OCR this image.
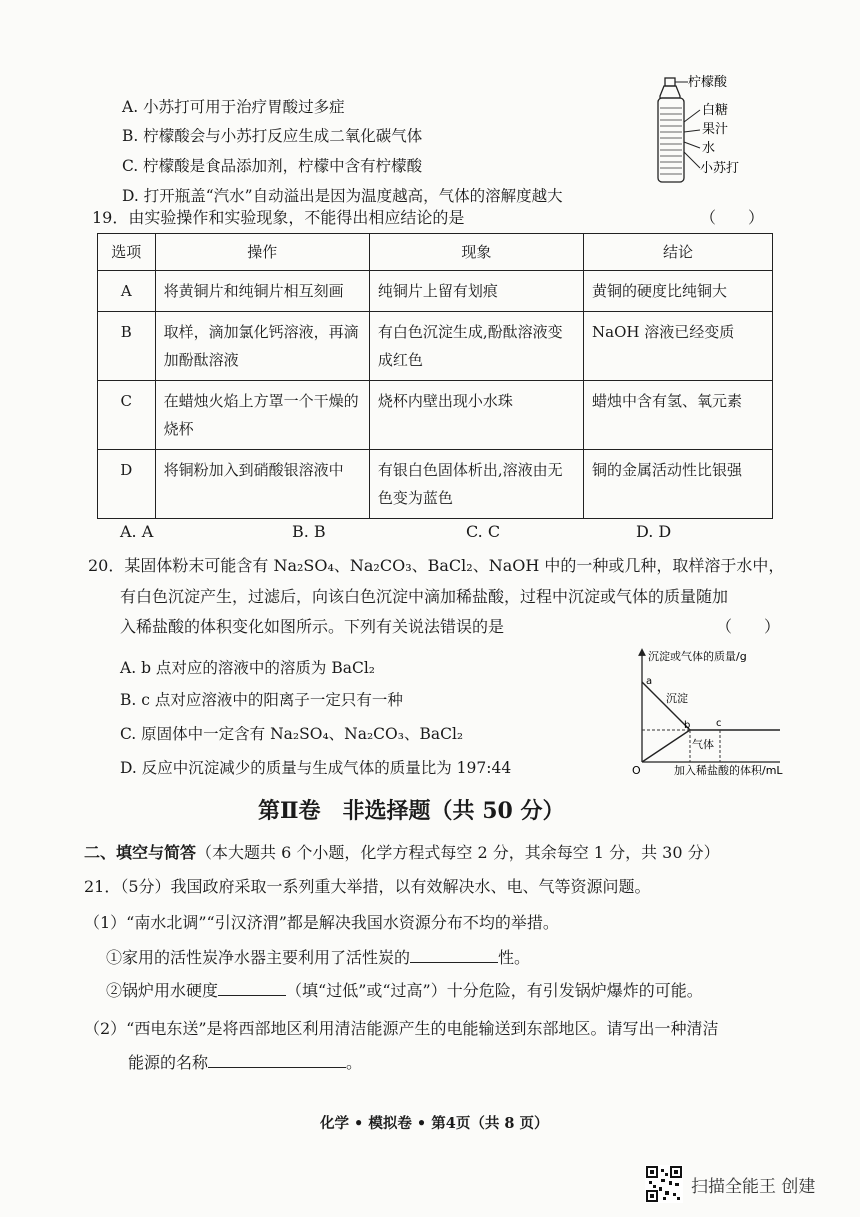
A. 小苏打可用于治疗胃酸过多症
B. 柠檬酸会与小苏打反应生成二氧化碳气体
C. 柠檬酸是食品添加剂，柠檬中含有柠檬酸
D. 打开瓶盖“汽水”自动溢出是因为温度越高，气体的溶解度越大
柠檬酸
白糖
果汁
水
小苏打
19．由实验操作和实验现象，不能得出相应结论的是	（　　）
选项	操作	现象	结论
A	将黄铜片和纯铜片相互刻画	纯铜片上留有划痕	黄铜的硬度比纯铜大
B	取样，滴加氯化钙溶液，再滴加酚酞溶液	有白色沉淀生成,酚酞溶液变成红色	NaOH 溶液已经变质
C	在蜡烛火焰上方罩一个干燥的烧杯	烧杯内壁出现小水珠	蜡烛中含有氢、氧元素
D	将铜粉加入到硝酸银溶液中	有银白色固体析出,溶液由无色变为蓝色	铜的金属活动性比银强
A. A	B. B	C. C	D. D
20．某固体粉末可能含有 Na₂SO₄、Na₂CO₃、BaCl₂、NaOH 中的一种或几种，取样溶于水中，
有白色沉淀产生，过滤后，向该白色沉淀中滴加稀盐酸，过程中沉淀或气体的质量随加
入稀盐酸的体积变化如图所示。下列有关说法错误的是	（　　）
A. b 点对应的溶液中的溶质为 BaCl₂
B. c 点对应溶液中的阳离子一定只有一种
C. 原固体中一定含有 Na₂SO₄、Na₂CO₃、BaCl₂
D. 反应中沉淀减少的质量与生成气体的质量比为 197:44
沉淀或气体的质量/g
a
b	c
沉淀
气体
O	加入稀盐酸的体积/mL
第Ⅱ卷　非选择题（共 50 分）
二、填空与简答（本大题共 6 个小题，化学方程式每空 2 分，其余每空 1 分，共 30 分）
21．（5分）我国政府采取一系列重大举措，以有效解决水、电、气等资源问题。
（1）“南水北调”“引汉济渭”都是解决我国水资源分布不均的举措。
①家用的活性炭净水器主要利用了活性炭的	性。
②锅炉用水硬度	（填“过低”或“过高”）十分危险，有引发锅炉爆炸的可能。
（2）“西电东送”是将西部地区利用清洁能源产生的电能输送到东部地区。请写出一种清洁
能源的名称	。
化学 • 模拟卷 • 第4页（共 8 页）
扫描全能王 创建
